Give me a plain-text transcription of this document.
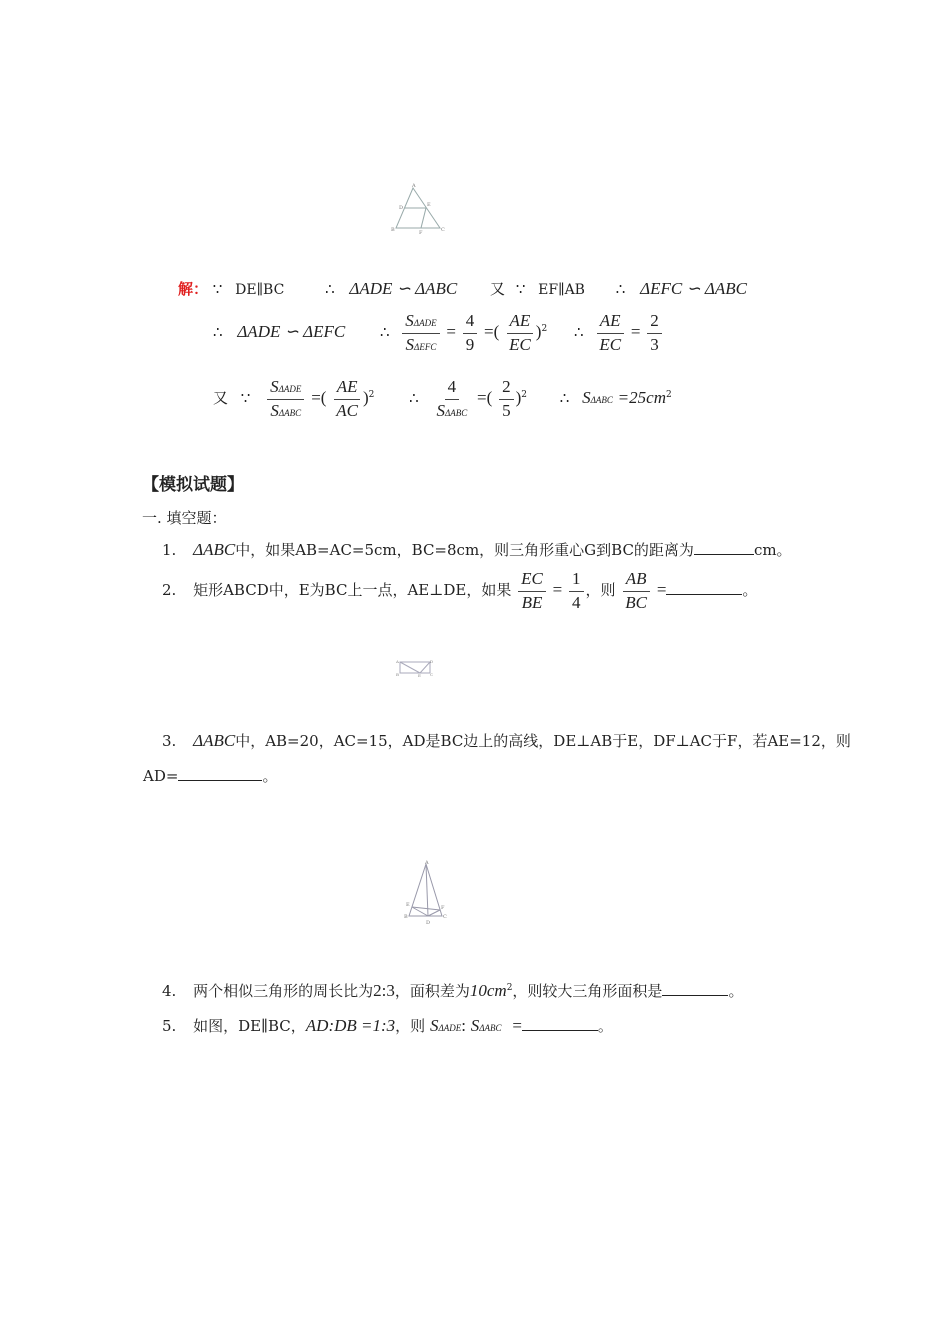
A
D	E
B	F	C
解： ∵ DE∥BC	∴ ΔADE ∽ ΔABC 又 ∵ EF∥AB ∴ ΔEFC ∽ ΔABC
∴ ΔADE ∽ ΔEFC ∴ $\frac{\text{SΔADE}}{\text{SΔEFC}} = \frac{4}{9}$ =( $\frac{AE}{EC} )^2$ ∴ $\frac{AE}{EC} = \frac{2}{3}$
又 ∵ $\frac{\text{SΔADE}}{\text{SΔABC}}$ =( $\frac{AE}{AC} )^2$ ∴ $\frac{4}{\text{SΔABC}}$ =( $\frac{2}{5} )^2$ ∴ $S\Delta ABC =25cm^2$
【模拟试题】
一. 填空题：
1. ΔABC中，如果AB=AC=5cm，BC=8cm，则三角形重心G到BC的距离为	cm。
2. 矩形ABCD中，E为BC上一点，AE⊥DE，如果 $\frac{EC}{BE} = \frac{1}{4}$ ，则 $\frac{AB}{BC}$ =	。
A	D
B	E C
3. ΔABC中，AB=20，AC=15，AD是BC边上的高线，DE⊥AB于E，DF⊥AC于F，若AE=12，则
AD=	。
A
E	F
B
D
C
4. 两个相似三角形的周长比为2:3，面积差为$10cm^2$，则较大三角形面积是	。
5. 如图，DE∥BC，AD:DB =1:3，则 SΔADE: SΔABC =	。
